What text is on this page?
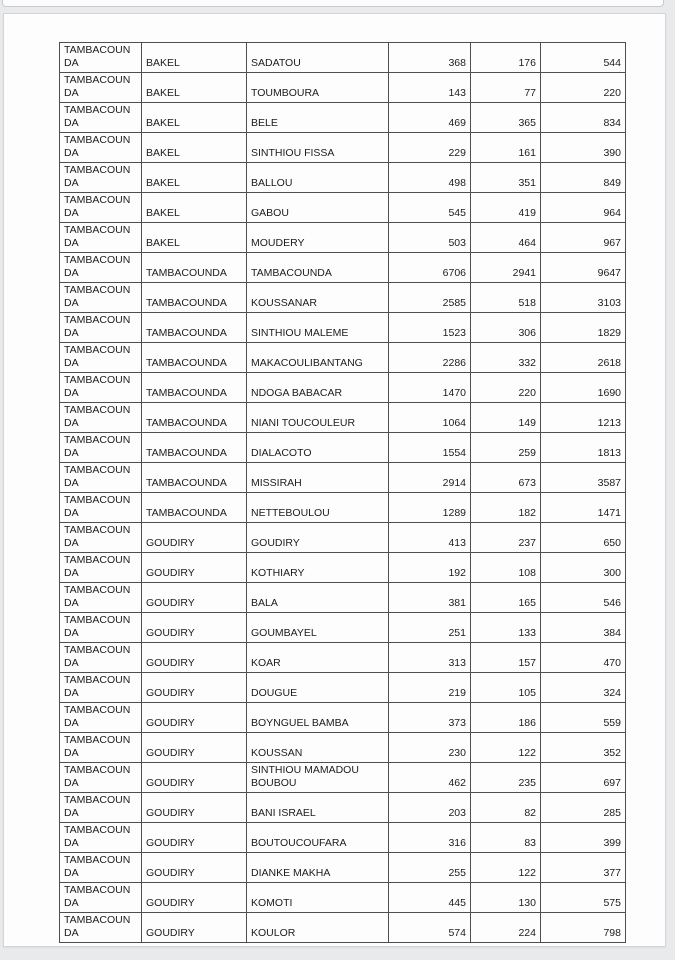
TAMBACOUNDA	BAKEL	SADATOU	368	176	544
TAMBACOUNDA	BAKEL	TOUMBOURA	143	77	220
TAMBACOUNDA	BAKEL	BELE	469	365	834
TAMBACOUNDA	BAKEL	SINTHIOU FISSA	229	161	390
TAMBACOUNDA	BAKEL	BALLOU	498	351	849
TAMBACOUNDA	BAKEL	GABOU	545	419	964
TAMBACOUNDA	BAKEL	MOUDERY	503	464	967
TAMBACOUNDA	TAMBACOUNDA	TAMBACOUNDA	6706	2941	9647
TAMBACOUNDA	TAMBACOUNDA	KOUSSANAR	2585	518	3103
TAMBACOUNDA	TAMBACOUNDA	SINTHIOU MALEME	1523	306	1829
TAMBACOUNDA	TAMBACOUNDA	MAKACOULIBANTANG	2286	332	2618
TAMBACOUNDA	TAMBACOUNDA	NDOGA BABACAR	1470	220	1690
TAMBACOUNDA	TAMBACOUNDA	NIANI TOUCOULEUR	1064	149	1213
TAMBACOUNDA	TAMBACOUNDA	DIALACOTO	1554	259	1813
TAMBACOUNDA	TAMBACOUNDA	MISSIRAH	2914	673	3587
TAMBACOUNDA	TAMBACOUNDA	NETTEBOULOU	1289	182	1471
TAMBACOUNDA	GOUDIRY	GOUDIRY	413	237	650
TAMBACOUNDA	GOUDIRY	KOTHIARY	192	108	300
TAMBACOUNDA	GOUDIRY	BALA	381	165	546
TAMBACOUNDA	GOUDIRY	GOUMBAYEL	251	133	384
TAMBACOUNDA	GOUDIRY	KOAR	313	157	470
TAMBACOUNDA	GOUDIRY	DOUGUE	219	105	324
TAMBACOUNDA	GOUDIRY	BOYNGUEL BAMBA	373	186	559
TAMBACOUNDA	GOUDIRY	KOUSSAN	230	122	352
TAMBACOUNDA	GOUDIRY	SINTHIOU MAMADOU BOUBOU	462	235	697
TAMBACOUNDA	GOUDIRY	BANI ISRAEL	203	82	285
TAMBACOUNDA	GOUDIRY	BOUTOUCOUFARA	316	83	399
TAMBACOUNDA	GOUDIRY	DIANKE MAKHA	255	122	377
TAMBACOUNDA	GOUDIRY	KOMOTI	445	130	575
TAMBACOUNDA	GOUDIRY	KOULOR	574	224	798
